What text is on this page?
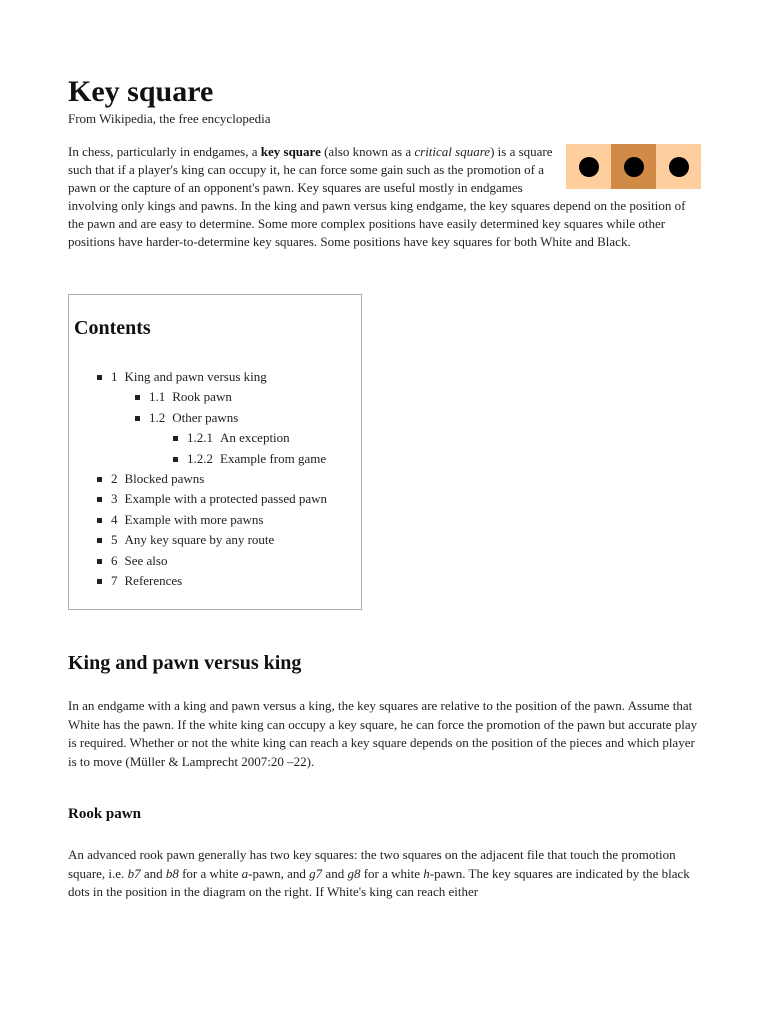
Key square
From Wikipedia, the free encyclopedia

In chess, particularly in endgames, a key square (also known as a critical square) is a square such that if a player's king can occupy it, he can force some gain such as the promotion of a pawn or the capture of an opponent's pawn. Key squares are useful mostly in endgames involving only kings and pawns. In the king and pawn versus king endgame, the key squares depend on the position of the pawn and are easy to determine. Some more complex positions have easily determined key squares while other positions have harder-to-determine key squares. Some positions have key squares for both White and Black.

Contents
1 King and pawn versus king
1.1 Rook pawn
1.2 Other pawns
1.2.1 An exception
1.2.2 Example from game
2 Blocked pawns
3 Example with a protected passed pawn
4 Example with more pawns
5 Any key square by any route
6 See also
7 References
King and pawn versus king

In an endgame with a king and pawn versus a king, the key squares are relative to the position of the pawn. Assume that White has the pawn. If the white king can occupy a key square, he can force the promotion of the pawn but accurate play is required. Whether or not the white king can reach a key square depends on the position of the pieces and which player is to move (Müller & Lamprecht 2007:20 –22).

Rook pawn

An advanced rook pawn generally has two key squares: the two squares on the adjacent file that touch the promotion square, i.e. b7 and b8 for a white a-pawn, and g7 and g8 for a white h-pawn. The key squares are indicated by the black dots in the position in the diagram on the right. If White's king can reach either
